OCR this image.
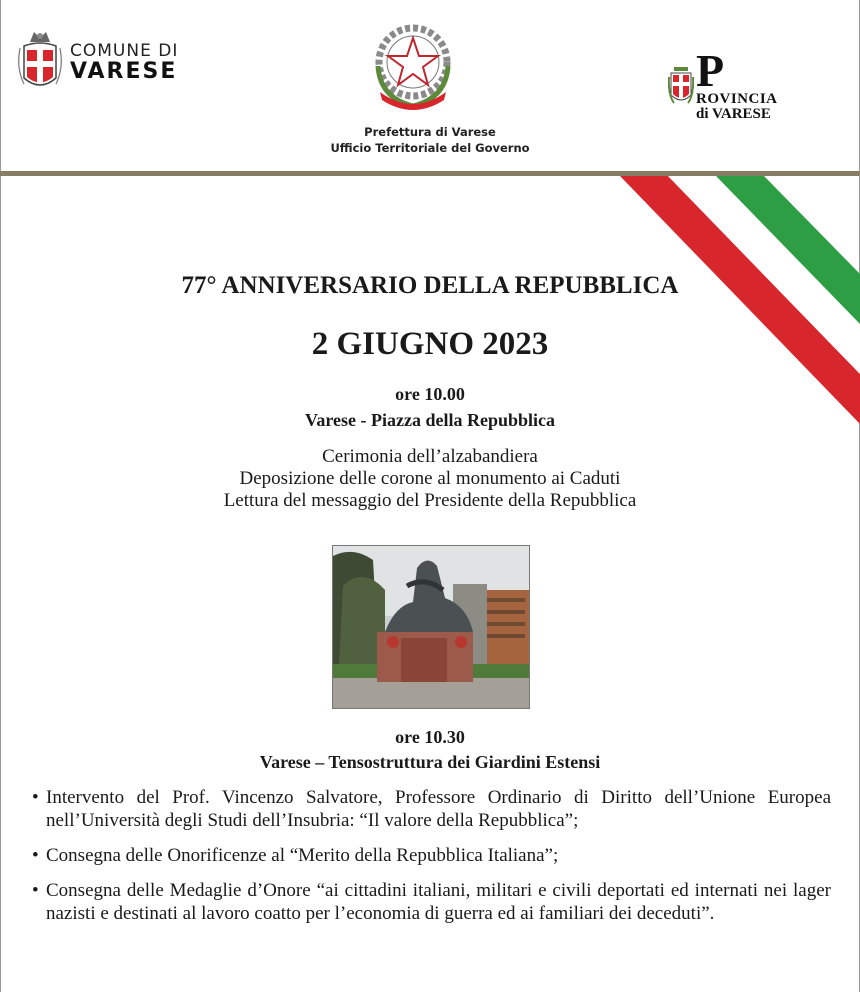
COMUNE DI
VARESE
Prefettura di Varese
Ufficio Territoriale del Governo
P
ROVINCIA
di VARESE
77° ANNIVERSARIO DELLA REPUBBLICA
2 GIUGNO 2023
ore 10.00
Varese - Piazza della Repubblica
Cerimonia dell’alzabandiera
Deposizione delle corone al monumento ai Caduti
Lettura del messaggio del Presidente della Repubblica
ore 10.30
Varese – Tensostruttura dei Giardini Estensi
• Intervento del Prof. Vincenzo Salvatore, Professore Ordinario di Diritto dell’Unione Europea nell’Università degli Studi dell’Insubria: “Il valore della Repubblica”;
• Consegna delle Onorificenze al “Merito della Repubblica Italiana”;
• Consegna delle Medaglie d’Onore “ai cittadini italiani, militari e civili deportati ed internati nei lager nazisti e destinati al lavoro coatto per l’economia di guerra ed ai familiari dei deceduti”.
